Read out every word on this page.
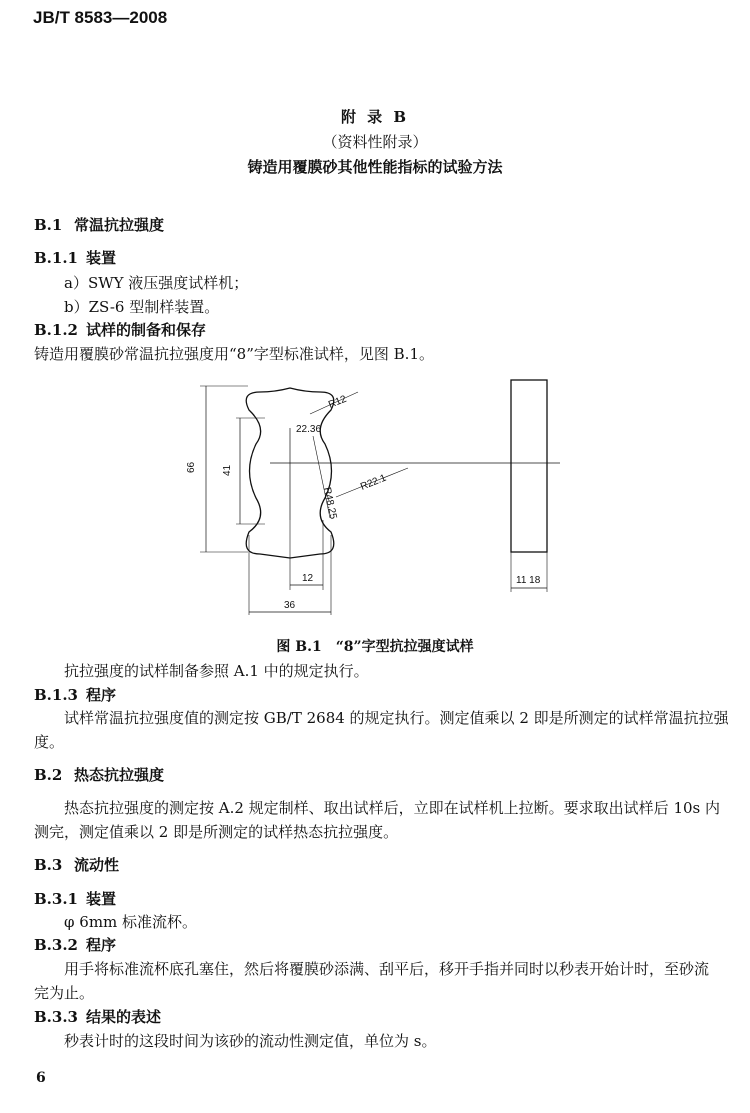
JB/T 8583—2008
附 录 B
（资料性附录）
铸造用覆膜砂其他性能指标的试验方法
B.1 常温抗拉强度
B.1.1 装置
a）SWY 液压强度试样机；
b）ZS-6 型制样装置。
B.1.2 试样的制备和保存
铸造用覆膜砂常温抗拉强度用“8”字型标准试样，见图 B.1。
66	41
R12
22.36
R48.25
R22.1
12
36
11 18
图 B.1　“8”字型抗拉强度试样
抗拉强度的试样制备参照 A.1 中的规定执行。
B.1.3 程序
试样常温抗拉强度值的测定按 GB/T 2684 的规定执行。测定值乘以 2 即是所测定的试样常温抗拉强
度。
B.2 热态抗拉强度
热态抗拉强度的测定按 A.2 规定制样、取出试样后，立即在试样机上拉断。要求取出试样后 10s 内
测完，测定值乘以 2 即是所测定的试样热态抗拉强度。
B.3 流动性
B.3.1 装置
φ 6mm 标准流杯。
B.3.2 程序
用手将标准流杯底孔塞住，然后将覆膜砂添满、刮平后，移开手指并同时以秒表开始计时，至砂流
完为止。
B.3.3 结果的表述
秒表计时的这段时间为该砂的流动性测定值，单位为 s。
6
